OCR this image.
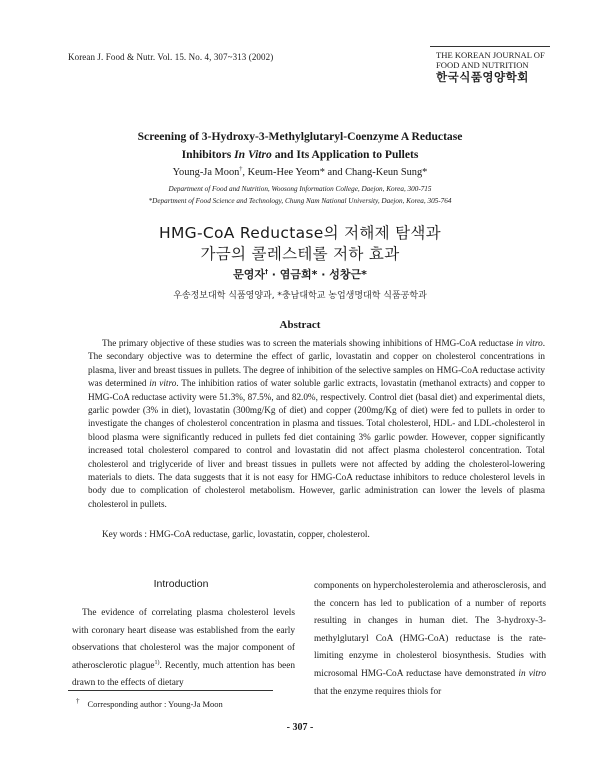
Korean J. Food & Nutr. Vol. 15. No. 4, 307~313 (2002)	THE KOREAN JOURNAL OF
FOOD AND NUTRITION
한국식품영양학회
Screening of 3-Hydroxy-3-Methylglutaryl-Coenzyme A Reductase
Inhibitors In Vitro and Its Application to Pullets
Young-Ja Moon†, Keum-Hee Yeom* and Chang-Keun Sung*
Department of Food and Nutrition, Woosong Information College, Daejon, Korea, 300-715
*Department of Food Science and Technology, Chung Nam National University, Daejon, Korea, 305-764
HMG-CoA Reductase의 저해제 탐색과
가금의 콜레스테롤 저하 효과
문영자† · 염금희* · 성창근*
우송정보대학 식품영양과, *충남대학교 농업생명대학 식품공학과
Abstract
The primary objective of these studies was to screen the materials showing inhibitions of HMG-CoA reductase in vitro. The secondary objective was to determine the effect of garlic, lovastatin and copper on cholesterol concentrations in plasma, liver and breast tissues in pullets. The degree of inhibition of the selective samples on HMG-CoA reductase activity was determined in vitro. The inhibition ratios of water soluble garlic extracts, lovastatin (methanol extracts) and copper to HMG-CoA reductase activity were 51.3%, 87.5%, and 82.0%, respectively. Control diet (basal diet) and experimental diets, garlic powder (3% in diet), lovastatin (300mg/Kg of diet) and copper (200mg/Kg of diet) were fed to pullets in order to investigate the changes of cholesterol concentration in plasma and tissues. Total cholesterol, HDL- and LDL-cholesterol in blood plasma were significantly reduced in pullets fed diet containing 3% garlic powder. However, copper significantly increased total cholesterol compared to control and lovastatin did not affect plasma cholesterol concentration. Total cholesterol and triglyceride of liver and breast tissues in pullets were not affected by adding the cholesterol-lowering materials to diets. The data suggests that it is not easy for HMG-CoA reductase inhibitors to reduce cholesterol levels in body due to complication of cholesterol metabolism. However, garlic administration can lower the levels of plasma cholesterol in pullets.
Key words : HMG-CoA reductase, garlic, lovastatin, copper, cholesterol.
Introduction
The evidence of correlating plasma cholesterol levels with coronary heart disease was established from the early observations that cholesterol was the major component of atherosclerotic plague$^{1)}$. Recently, much attention has been drawn to the effects of dietary
components on hypercholesterolemia and atherosclerosis, and the concern has led to publication of a number of reports resulting in changes in human diet. The 3-hydroxy-3-methylglutaryl CoA (HMG-CoA) reductase is the rate-limiting enzyme in cholesterol biosynthesis. Studies with microsomal HMG-CoA reductase have demonstrated in vitro that the enzyme requires thiols for
† Corresponding author : Young-Ja Moon
- 307 -
